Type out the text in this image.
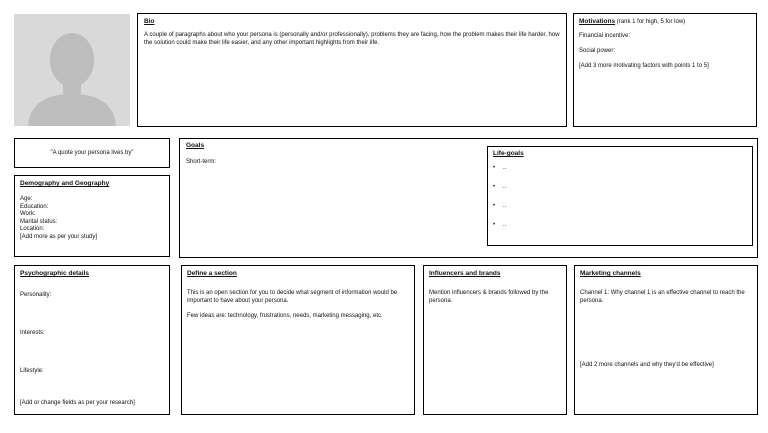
Bio

A couple of paragraphs about who your persona is (personally and/or professionally), problems they are facing, how the problem makes their life harder, how the solution could make their life easier, and any other important highlights from their life.

Motivations (rank 1 for high, 5 for low)

Financial incentive:

Social power:

[Add 3 more motivating factors with points 1 to 5]

"A quote your persona lives by"

Demography and Geography

Age:

Education:

Work:

Marital status:

Location:

[Add more as per your study]

Goals

Short-term:

Life-goals

•	..
•	..
•	..
•	..

Psychographic details

Personality:

Interests:

Lifestyle:

[Add or change fields as per your research]

Define a section

This is an open section for you to decide what segment of information would be important to have about your persona.

Few ideas are: technology, frustrations, needs, marketing messaging, etc.

Influencers and brands

Mention influencers & brands followed by the persona.

Marketing channels

Channel 1: Why channel 1 is an effective channel to reach the persona.

[Add 2 more channels and why they'd be effective]
